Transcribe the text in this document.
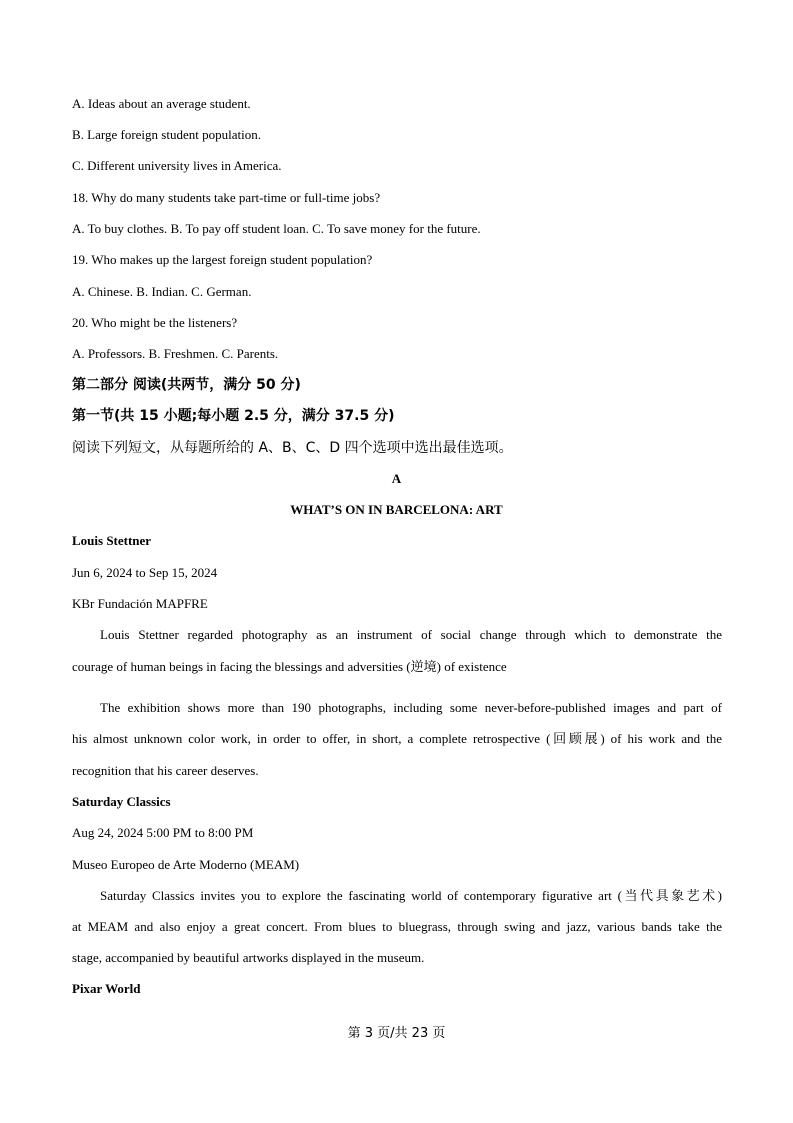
A. Ideas about an average student.
B. Large foreign student population.
C. Different university lives in America.
18. Why do many students take part-time or full-time jobs?
A. To buy clothes. B. To pay off student loan. C. To save money for the future.
19. Who makes up the largest foreign student population?
A. Chinese. B. Indian. C. German.
20. Who might be the listeners?
A. Professors. B. Freshmen. C. Parents.
第二部分 阅读(共两节，满分 50 分)
第一节(共 15 小题;每小题 2.5 分，满分 37.5 分)
阅读下列短文，从每题所给的 A、B、C、D 四个选项中选出最佳选项。
A
WHAT’S ON IN BARCELONA: ART
Louis Stettner
Jun 6, 2024 to Sep 15, 2024
KBr Fundación MAPFRE
Louis Stettner regarded photography as an instrument of social change through which to demonstrate the
courage of human beings in facing the blessings and adversities (逆境) of existence
The exhibition shows more than 190 photographs, including some never-before-published images and part of
his almost unknown color work, in order to offer, in short, a complete retrospective (回顾展) of his work and the
recognition that his career deserves.
Saturday Classics
Aug 24, 2024 5:00 PM to 8:00 PM
Museo Europeo de Arte Moderno (MEAM)
Saturday Classics invites you to explore the fascinating world of contemporary figurative art (当代具象艺术)
at MEAM and also enjoy a great concert. From blues to bluegrass, through swing and jazz, various bands take the
stage, accompanied by beautiful artworks displayed in the museum.
Pixar World
第 3 页/共 23 页
